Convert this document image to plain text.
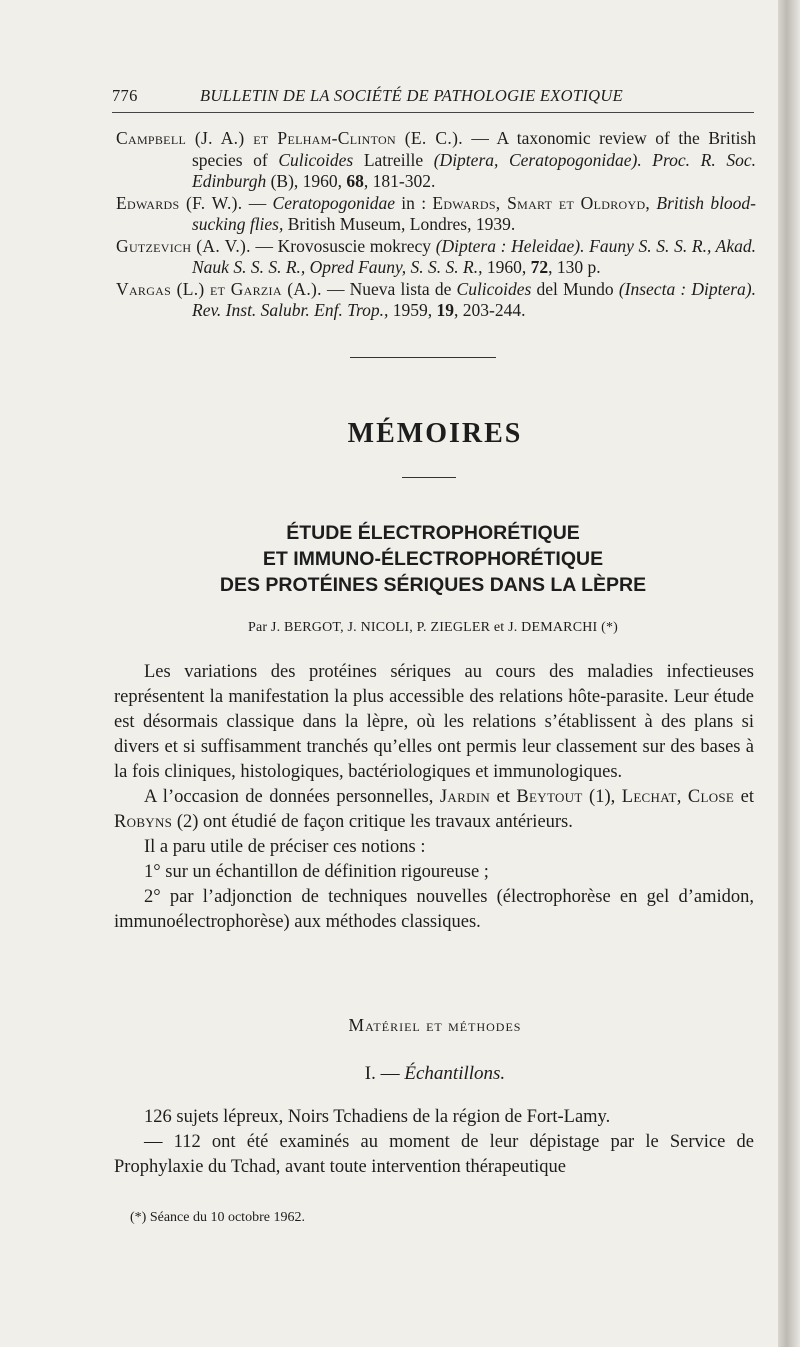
776	BULLETIN DE LA SOCIÉTÉ DE PATHOLOGIE EXOTIQUE

Campbell (J. A.) et Pelham-Clinton (E. C.). — A taxonomic review of the British species of Culicoides Latreille (Diptera, Ceratopogonidae). Proc. R. Soc. Edinburgh (B), 1960, 68, 181-302.

Edwards (F. W.). — Ceratopogonidae in : Edwards, Smart et Oldroyd, British blood-sucking flies, British Museum, Londres, 1939.

Gutzevich (A. V.). — Krovosuscie mokrecy (Diptera : Heleidae). Fauny S. S. S. R., Akad. Nauk S. S. S. R., Opred Fauny, S. S. S. R., 1960, 72, 130 p.

Vargas (L.) et Garzia (A.). — Nueva lista de Culicoides del Mundo (Insecta : Diptera). Rev. Inst. Salubr. Enf. Trop., 1959, 19, 203-244.

MÉMOIRES
ÉTUDE ÉLECTROPHORÉTIQUE
ET IMMUNO-ÉLECTROPHORÉTIQUE
DES PROTÉINES SÉRIQUES DANS LA LÈPRE
Par J. BERGOT, J. NICOLI, P. ZIEGLER et J. DEMARCHI (*)

Les variations des protéines sériques au cours des maladies infectieuses représentent la manifestation la plus accessible des relations hôte-parasite. Leur étude est désormais classique dans la lèpre, où les relations s’établissent à des plans si divers et si suffisamment tranchés qu’elles ont permis leur classement sur des bases à la fois cliniques, histologiques, bactériologiques et immunologiques.

A l’occasion de données personnelles, Jardin et Beytout (1), Lechat, Close et Robyns (2) ont étudié de façon critique les travaux antérieurs.

Il a paru utile de préciser ces notions :

1° sur un échantillon de définition rigoureuse ;

2° par l’adjonction de techniques nouvelles (électrophorèse en gel d’amidon, immunoélectrophorèse) aux méthodes classiques.

Matériel et méthodes
I. — Échantillons.

126 sujets lépreux, Noirs Tchadiens de la région de Fort-Lamy.

— 112 ont été examinés au moment de leur dépistage par le Service de Prophylaxie du Tchad, avant toute intervention thérapeutique

(*) Séance du 10 octobre 1962.
